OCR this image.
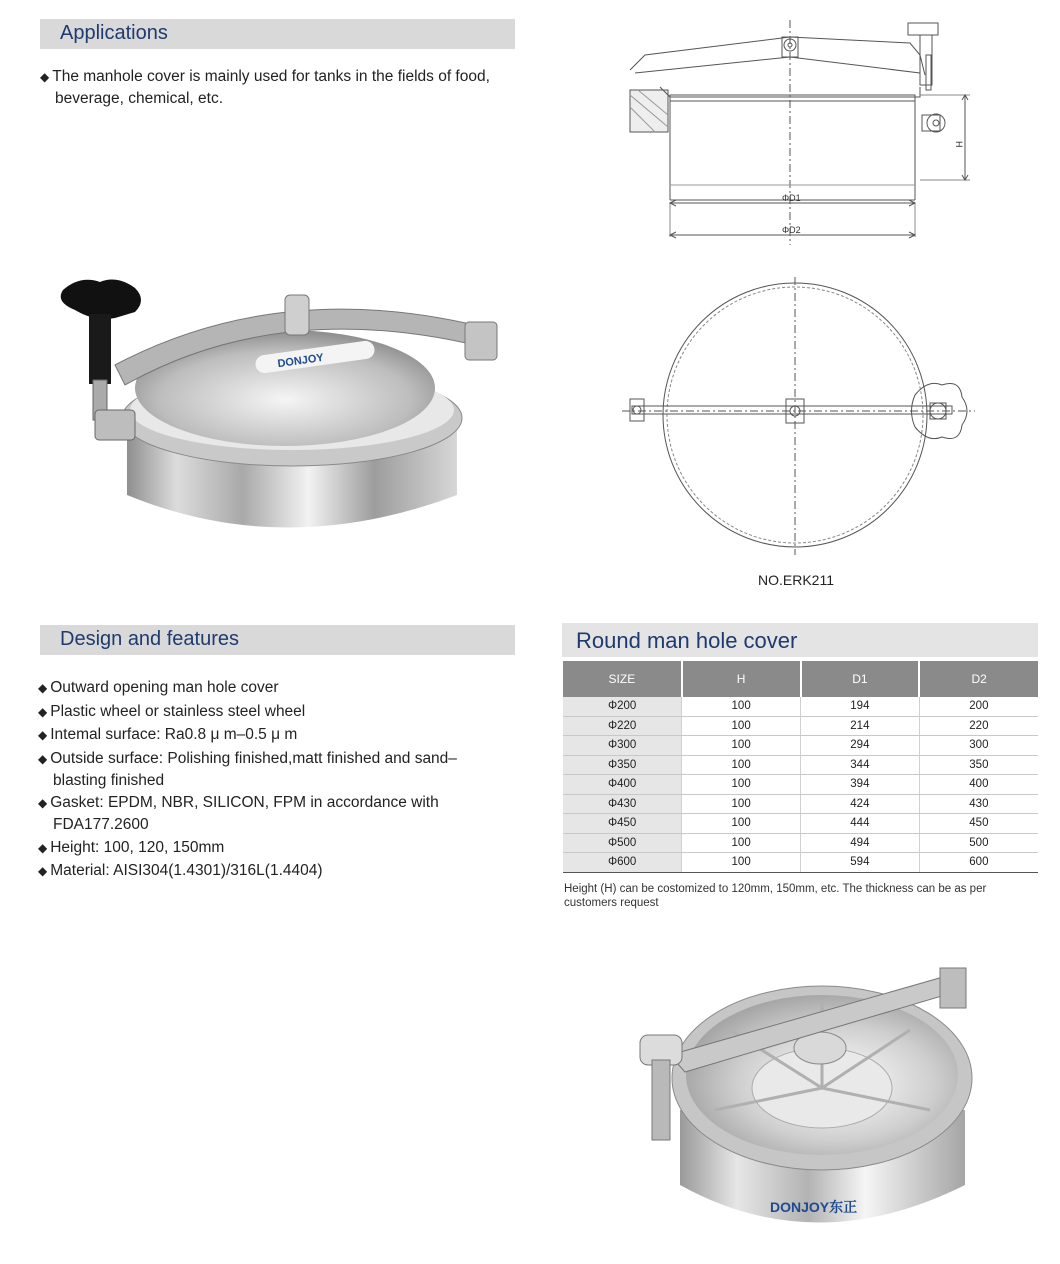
Applications
◆ The manhole cover is mainly used for tanks in the fields of food, beverage, chemical, etc.
ΦD1
ΦD2
H
NO.ERK211
DONJOY
Design and features
◆ Outward opening man hole cover
◆ Plastic wheel or stainless steel wheel
◆ Intemal surface: Ra0.8 μ m–0.5 μ m
◆ Outside surface: Polishing finished,matt finished and sand– blasting finished
◆ Gasket: EPDM, NBR, SILICON, FPM in accordance with FDA177.2600
◆ Height: 100, 120, 150mm
◆ Material: AISI304(1.4301)/316L(1.4404)
Round man hole cover
SIZE	H	D1	D2
Φ200	100	194	200
Φ220	100	214	220
Φ300	100	294	300
Φ350	100	344	350
Φ400	100	394	400
Φ430	100	424	430
Φ450	100	444	450
Φ500	100	494	500
Φ600	100	594	600
Height (H) can be costomized to 120mm, 150mm, etc. The thickness can be as per customers request
DONJOY东正
